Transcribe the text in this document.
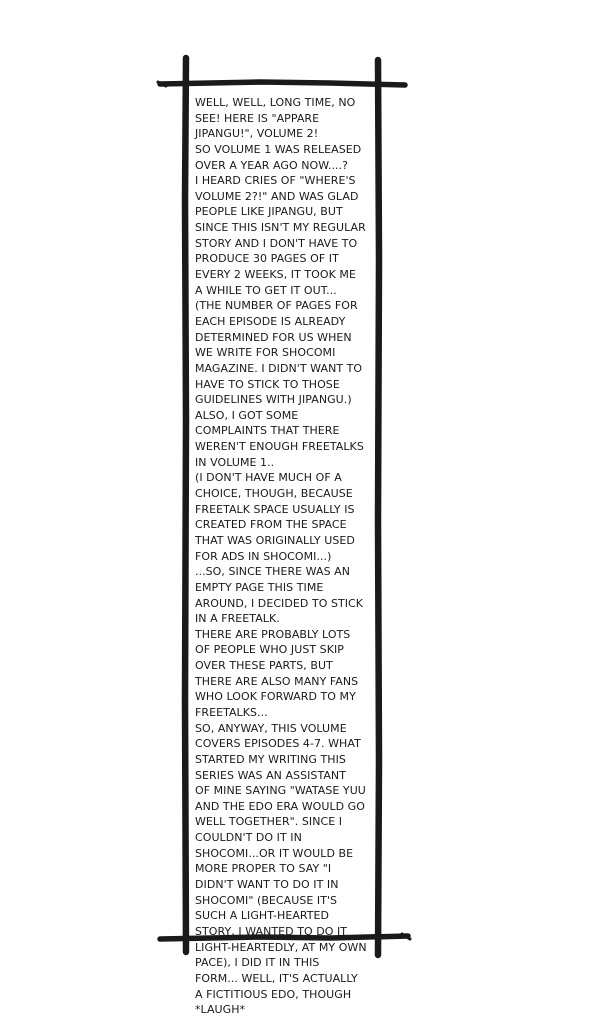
WELL, WELL, LONG TIME, NO
SEE! HERE IS "APPARE
JIPANGU!", VOLUME 2!
SO VOLUME 1 WAS RELEASED
OVER A YEAR AGO NOW....?
I HEARD CRIES OF "WHERE'S
VOLUME 2?!" AND WAS GLAD
PEOPLE LIKE JIPANGU, BUT
SINCE THIS ISN'T MY REGULAR
STORY AND I DON'T HAVE TO
PRODUCE 30 PAGES OF IT
EVERY 2 WEEKS, IT TOOK ME
A WHILE TO GET IT OUT...
(THE NUMBER OF PAGES FOR
EACH EPISODE IS ALREADY
DETERMINED FOR US WHEN
WE WRITE FOR SHOCOMI
MAGAZINE. I DIDN'T WANT TO
HAVE TO STICK TO THOSE
GUIDELINES WITH JIPANGU.)
ALSO, I GOT SOME
COMPLAINTS THAT THERE
WEREN'T ENOUGH FREETALKS
IN VOLUME 1..
(I DON'T HAVE MUCH OF A
CHOICE, THOUGH, BECAUSE
FREETALK SPACE USUALLY IS
CREATED FROM THE SPACE
THAT WAS ORIGINALLY USED
FOR ADS IN SHOCOMI...)
...SO, SINCE THERE WAS AN
EMPTY PAGE THIS TIME
AROUND, I DECIDED TO STICK
IN A FREETALK.
THERE ARE PROBABLY LOTS
OF PEOPLE WHO JUST SKIP
OVER THESE PARTS, BUT
THERE ARE ALSO MANY FANS
WHO LOOK FORWARD TO MY
FREETALKS...
SO, ANYWAY, THIS VOLUME
COVERS EPISODES 4-7. WHAT
STARTED MY WRITING THIS
SERIES WAS AN ASSISTANT
OF MINE SAYING "WATASE YUU
AND THE EDO ERA WOULD GO
WELL TOGETHER". SINCE I
COULDN'T DO IT IN
SHOCOMI...OR IT WOULD BE
MORE PROPER TO SAY "I
DIDN'T WANT TO DO IT IN
SHOCOMI" (BECAUSE IT'S
SUCH A LIGHT-HEARTED
STORY, I WANTED TO DO IT
LIGHT-HEARTEDLY, AT MY OWN
PACE), I DID IT IN THIS
FORM... WELL, IT'S ACTUALLY
A FICTITIOUS EDO, THOUGH
*LAUGH*
